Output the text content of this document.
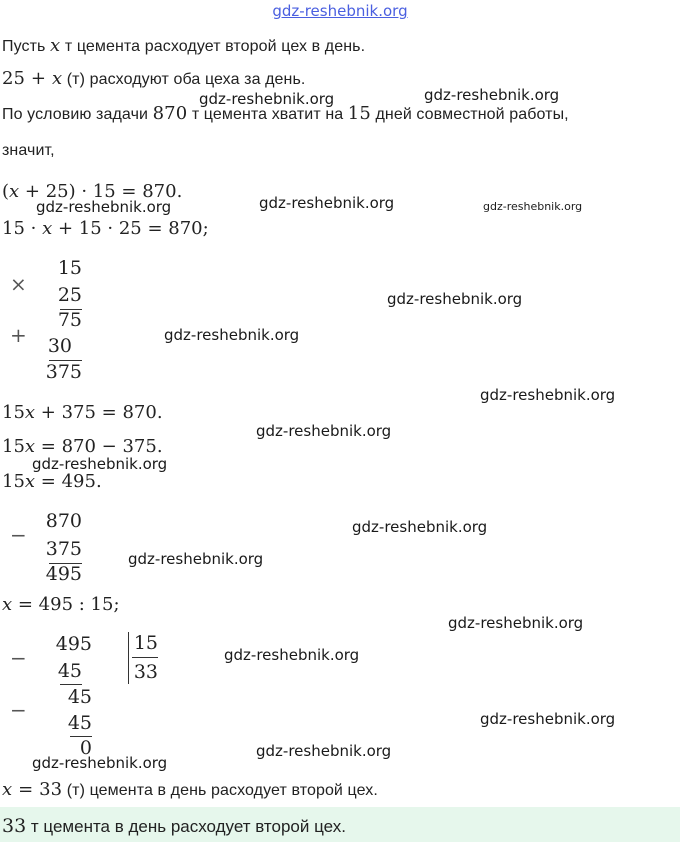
gdz-reshebnik.org
Пусть x т цемента расходует второй цех в день.
25 + x (т) расходуют оба цеха за день.
По условию задачи 870 т цемента хватит на 15 дней совместной работы,
значит,
(x + 25) · 15 = 870.
15 · x + 15 · 25 = 870;
×
15
25
75
+	30
375
15x + 375 = 870.
15x = 870 − 375.
15x = 495.
−
870
375
495
x = 495 : 15;
−
495
45
15
33
−
45
45
0
x = 33 (т) цемента в день расходует второй цех.
33 т цемента в день расходует второй цех.
gdz-reshebnik.org	gdz-reshebnik.org
gdz-reshebnik.org	gdz-reshebnik.org	gdz-reshebnik.org
gdz-reshebnik.org
gdz-reshebnik.org
gdz-reshebnik.org
gdz-reshebnik.org
gdz-reshebnik.org
gdz-reshebnik.org
gdz-reshebnik.org
gdz-reshebnik.org
gdz-reshebnik.org
gdz-reshebnik.org
gdz-reshebnik.org
gdz-reshebnik.org
